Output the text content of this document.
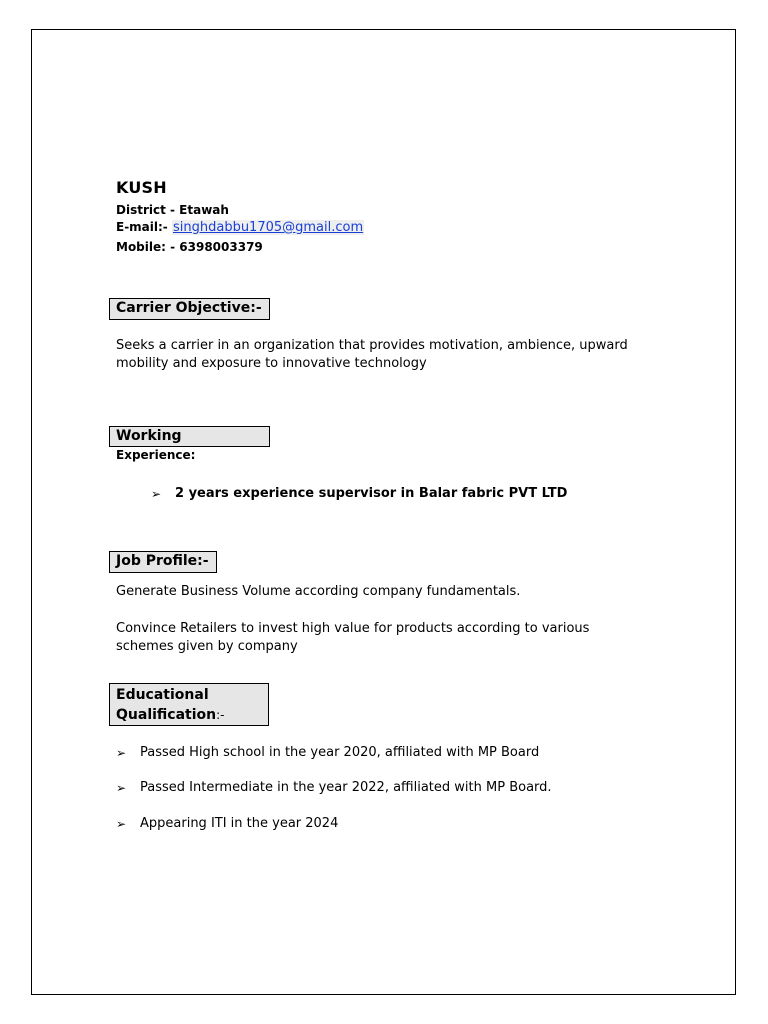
KUSH
District - Etawah
E-mail:- singhdabbu1705@gmail.com
Mobile: - 6398003379
Carrier Objective:-
Seeks a carrier in an organization that provides motivation, ambience, upward mobility and exposure to innovative technology
Working Experience:
➢	2 years experience supervisor in Balar fabric PVT LTD
Job Profile:-
Generate Business Volume according company fundamentals.
Convince Retailers to invest high value for products according to various schemes given by company
Educational Qualification:-
➢	Passed High school in the year 2020, affiliated with MP Board
➢	Passed Intermediate in the year 2022, affiliated with MP Board.
➢	Appearing ITI in the year 2024
